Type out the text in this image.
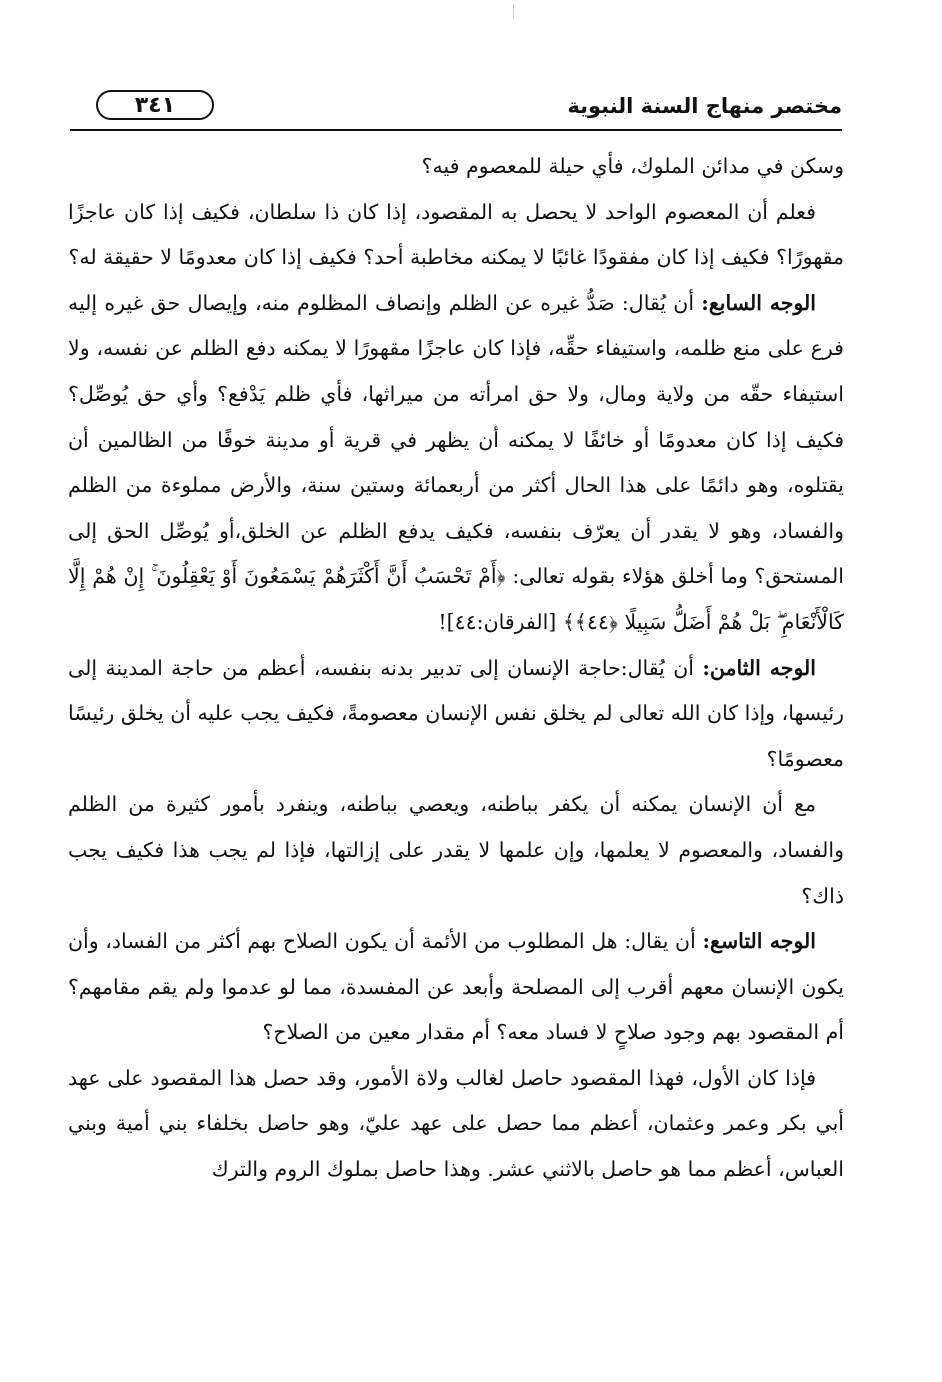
مختصر منهاج السنة النبوية
٣٤١

وسكن في مدائن الملوك، فأي حيلة للمعصوم فيه؟

فعلم أن المعصوم الواحد لا يحصل به المقصود، إذا كان ذا سلطان، فكيف إذا كان عاجزًا مقهورًا؟ فكيف إذا كان مفقودًا غائبًا لا يمكنه مخاطبة أحد؟ فكيف إذا كان معدومًا لا حقيقة له؟

الوجه السابع: أن يُقال: صَدُّ غيره عن الظلم وإنصاف المظلوم منه، وإيصال حق غيره إليه فرع على منع ظلمه، واستيفاء حقِّه، فإذا كان عاجزًا مقهورًا لا يمكنه دفع الظلم عن نفسه، ولا استيفاء حقّه من ولاية ومال، ولا حق امرأته من ميراثها، فأي ظلم يَدْفع؟ وأي حق يُوصِّل؟ فكيف إذا كان معدومًا أو خائفًا لا يمكنه أن يظهر في قرية أو مدينة خوفًا من الظالمين أن يقتلوه، وهو دائمًا على هذا الحال أكثر من أربعمائة وستين سنة، والأرض مملوءة من الظلم والفساد، وهو لا يقدر أن يعرّف بنفسه، فكيف يدفع الظلم عن الخلق،أو يُوصِّل الحق إلى المستحق؟ وما أخلق هؤلاء بقوله تعالى: ﴿أَمْ تَحْسَبُ أَنَّ أَكْثَرَهُمْ يَسْمَعُونَ أَوْ يَعْقِلُونَ ۚ إِنْ هُمْ إِلَّا كَالْأَنْعَامِ ۖ بَلْ هُمْ أَضَلُّ سَبِيلًا ﴿٤٤﴾﴾ [الفرقان:٤٤]!

الوجه الثامن: أن يُقال:حاجة الإنسان إلى تدبير بدنه بنفسه، أعظم من حاجة المدينة إلى رئيسها، وإذا كان الله تعالى لم يخلق نفس الإنسان معصومةً، فكيف يجب عليه أن يخلق رئيسًا معصومًا؟

مع أن الإنسان يمكنه أن يكفر بباطنه، ويعصي بباطنه، وينفرد بأمور كثيرة من الظلم والفساد، والمعصوم لا يعلمها، وإن علمها لا يقدر على إزالتها، فإذا لم يجب هذا فكيف يجب ذاك؟

الوجه التاسع: أن يقال: هل المطلوب من الأئمة أن يكون الصلاح بهم أكثر من الفساد، وأن يكون الإنسان معهم أقرب إلى المصلحة وأبعد عن المفسدة، مما لو عدموا ولم يقم مقامهم؟ أم المقصود بهم وجود صلاحٍ لا فساد معه؟ أم مقدار معين من الصلاح؟

فإذا كان الأول، فهذا المقصود حاصل لغالب ولاة الأمور، وقد حصل هذا المقصود على عهد أبي بكر وعمر وعثمان، أعظم مما حصل على عهد عليّ، وهو حاصل بخلفاء بني أمية وبني العباس، أعظم مما هو حاصل بالاثني عشر. وهذا حاصل بملوك الروم والترك
